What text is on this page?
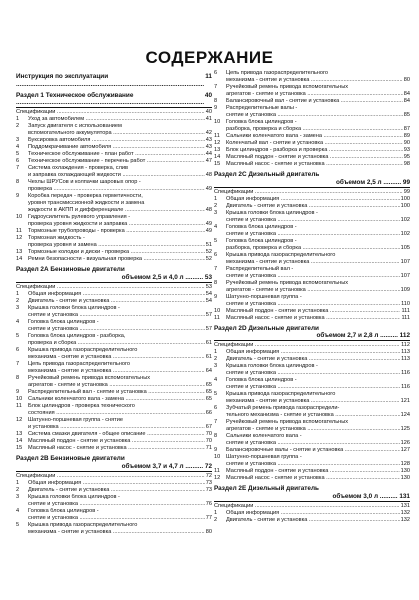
СОДЕРЖАНИЕ
Инструкция по эксплуатации .....	11
Раздел 1 Техническое обслуживание .....	40
Спецификации .....	40
1	Уход за автомобилем .....	41
2	Запуск двигателя с использованием
вспомогательного аккумулятора .....	42
3	Буксировка автомобиля .....	43
4	Поддомкрачивание автомобиля .....	43
5	Техническое обслуживание - план работ .....	44
6	Техническое обслуживание - перечень работ .....	47
7	Система охлаждения - проверка, слив
и заправка охлаждающей жидкости .....	48
8	Чехлы ШРУСов и колпачки шаровых опор -
проверка .....	49
9	Коробка передач - проверка герметичности,
уровня трансмиссионной жидкости и замена
жидкости в АКПП и дифференциале .....	48
10	Гидроусилитель рулевого управления -
проверка уровня жидкости и заправка .....	49
11	Тормозные трубопроводы - проверка .....	49
12	Тормозная жидкость -
проверка уровня и замена .....	51
13	Тормозные колодки и диски - проверка .....	52
14	Ремни безопасности - визуальная проверка .....	52
Раздел 2А Бензиновые двигатели
объемом 2,5 и 4,0 л .......... 53
Спецификации .....	53
1	Общая информация .....	54
2	Двигатель - снятие и установка .....	54
3	Крышка головки блока цилиндров -
снятие и установка .....	57
4	Головка блока цилиндров -
снятие и установка .....	57
5	Головка блока цилиндров - разборка,
проверка и сборка .....	61
6	Крышка привода газораспределительного
механизма - снятие и установка .....	61
7	Цепь привода газораспределительного
механизма - снятие и установка .....	64
8	Ручейковый ремень привода вспомогательных
агрегатов - снятие и установка .....	65
9	Распределительный вал - снятие и установка .....	65
10	Сальники коленчатого вала - замена .....	65
11	Блок цилиндров - проверка технического
состояния .....	66
12	Шатунно-поршневая группа - снятие
и установка .....	67
13	Система смазки двигателя - общее описание .....	70
14	Масляный поддон - снятие и установка .....	70
15	Масляный насос - снятие и установка .....	71
Раздел 2В Бензиновые двигатели
объемом 3,7 и 4,7 л .......... 72
Спецификации .....	72
1	Общая информация .....	73
2	Двигатель - снятие и установка .....	73
3	Крышка головки блока цилиндров -
снятие и установка .....	76
4	Головка блока цилиндров -
снятие и установка .....	77
5	Крышка привода газораспределительного
механизма - снятие и установка .....	80
6	Цепь привода газораспределительного
механизма - снятие и установка .....	80
7	Ручейковый ремень привода вспомогательных
агрегатов - снятие и установка .....	84
8	Балансировочный вал - снятие и установка .....	84
9	Распределительные валы -
снятие и установка .....	85
10	Головка блока цилиндров -
разборка, проверка и сборка .....	87
11	Сальники коленчатого вала - замена .....	89
12	Коленчатый вал - снятие и установка .....	90
13	Блок цилиндров - разборка и проверка .....	93
14	Масляный поддон - снятие и установка .....	95
15	Масляный насос - снятие и установка .....	98
Раздел 2С Дизельный двигатель
объемом 2,5 л .......... 99
Спецификации .....	99
1	Общая информация .....	100
2	Двигатель - снятие и установка .....	100
3	Крышка головки блока цилиндров -
снятие и установка .....	102
4	Головка блока цилиндров -
снятие и установка .....	102
5	Головка блока цилиндров -
разборка, проверка и сборка .....	105
6	Крышка привода газораспределительного
механизма - снятие и установка .....	107
7	Распределительный вал -
снятие и установка .....	107
8	Ручейковый ремень привода вспомогательных
агрегатов - снятие и установка .....	109
9	Шатунно-поршневая группа -
снятие и установка .....	110
10	Масляный поддон - снятие и установка .....	111
11	Масляный насос - снятие и установка .....	111
Раздел 2D Дизельные двигатели
объемом 2,7 и 2,8 л .......... 112
Спецификации .....	112
1	Общая информация .....	113
2	Двигатель - снятие и установка .....	113
3	Крышка головки блока цилиндров -
снятие и установка .....	116
4	Головка блока цилиндров -
снятие и установка .....	116
5	Крышка привода газораспределительного
механизма - снятие и установка .....	121
6	Зубчатый ремень привода газораспредели-
тельного механизма - снятие и установка .....	124
7	Ручейковый ремень привода вспомогательных
агрегатов - снятие и установка .....	125
8	Сальники коленчатого вала -
снятие и установка .....	126
9	Балансировочные валы - снятие и установка .....	127
10	Шатунно-поршневая группа -
снятие и установка .....	128
11	Масляный поддон - снятие и установка .....	130
12	Масляный насос - снятие и установка .....	130
Раздел 2Е Дизельный двигатель
объемом 3,0 л .......... 131
Спецификации .....	131
1	Общая информация .....	132
2	Двигатель - снятие и установка .....	132
